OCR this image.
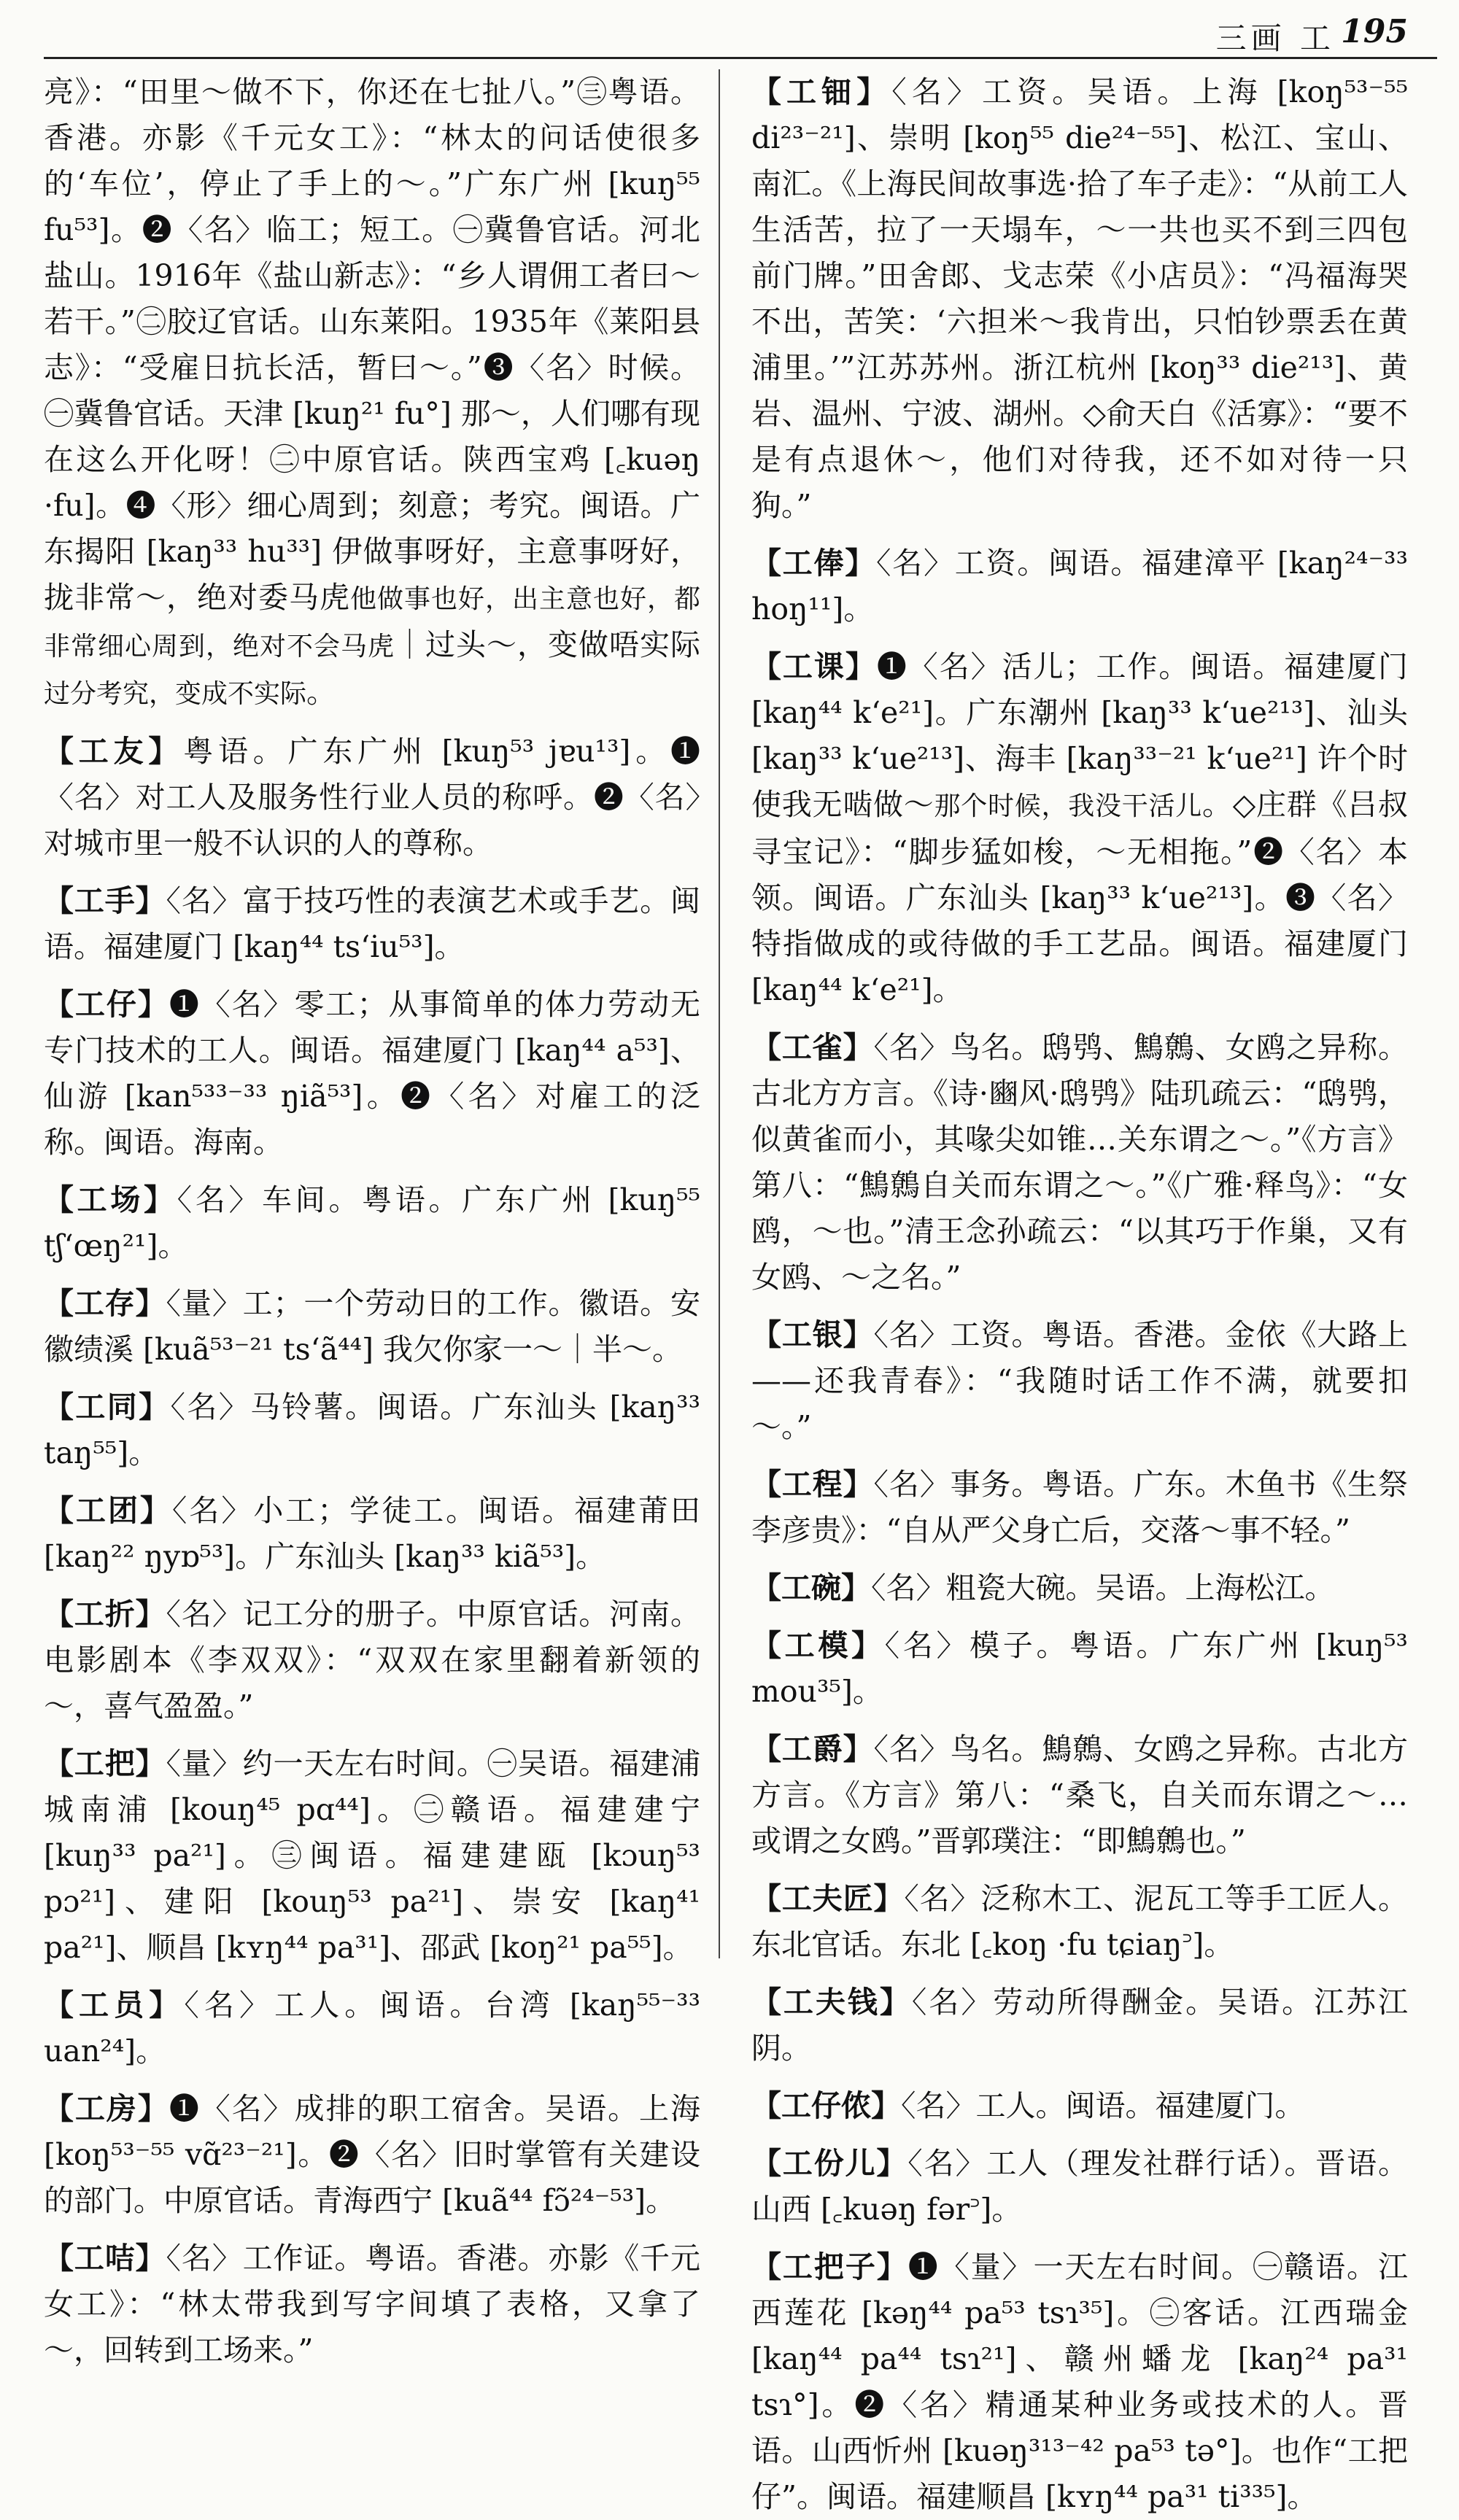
三画 工 195

亮》：“田里～做不下，你还在七扯八。”㊂粤语。香港。亦影《千元女工》：“林太的问话使很多的‘车位’，停止了手上的～。”广东广州 [kuŋ⁵⁵ fu⁵³]。❷〈名〉临工；短工。㊀冀鲁官话。河北盐山。1916年《盐山新志》：“乡人谓佣工者曰～若干。”㊁胶辽官话。山东莱阳。1935年《莱阳县志》：“受雇日抗长活，暂曰～。”❸〈名〉时候。㊀冀鲁官话。天津 [kuŋ²¹ fu°] 那～，人们哪有现在这么开化呀！㊁中原官话。陕西宝鸡 [꜀kuəŋ ·fu]。❹〈形〉细心周到；刻意；考究。闽语。广东揭阳 [kaŋ³³ hu³³] 伊做事呀好，主意事呀好，拢非常～，绝对委马虎他做事也好，出主意也好，都非常细心周到，绝对不会马虎｜过头～，变做唔实际过分考究，变成不实际。

【工友】粤语。广东广州 [kuŋ⁵³ jɐu¹³]。❶〈名〉对工人及服务性行业人员的称呼。❷〈名〉对城市里一般不认识的人的尊称。

【工手】〈名〉富于技巧性的表演艺术或手艺。闽语。福建厦门 [kaŋ⁴⁴ ts‘iu⁵³]。

【工仔】❶〈名〉零工；从事简单的体力劳动无专门技术的工人。闽语。福建厦门 [kaŋ⁴⁴ a⁵³]、仙游 [kan⁵³³⁻³³ ŋiã⁵³]。❷〈名〉对雇工的泛称。闽语。海南。

【工场】〈名〉车间。粤语。广东广州 [kuŋ⁵⁵ tʃ‘œŋ²¹]。

【工存】〈量〉工；一个劳动日的工作。徽语。安徽绩溪 [kuã⁵³⁻²¹ ts‘ã⁴⁴] 我欠你家一～｜半～。

【工同】〈名〉马铃薯。闽语。广东汕头 [kaŋ³³ taŋ⁵⁵]。

【工团】〈名〉小工；学徒工。闽语。福建莆田 [kaŋ²² ŋyɒ⁵³]。广东汕头 [kaŋ³³ kiã⁵³]。

【工折】〈名〉记工分的册子。中原官话。河南。电影剧本《李双双》：“双双在家里翻着新领的～，喜气盈盈。”

【工把】〈量〉约一天左右时间。㊀吴语。福建浦城南浦 [kouŋ⁴⁵ pɑ⁴⁴]。㊁赣语。福建建宁 [kuŋ³³ pa²¹]。㊂闽语。福建建瓯 [kɔuŋ⁵³ pɔ²¹]、建阳 [kouŋ⁵³ pa²¹]、崇安 [kaŋ⁴¹ pa²¹]、顺昌 [kʏŋ⁴⁴ pa³¹]、邵武 [koŋ²¹ pa⁵⁵]。

【工员】〈名〉工人。闽语。台湾 [kaŋ⁵⁵⁻³³ uan²⁴]。

【工房】❶〈名〉成排的职工宿舍。吴语。上海 [koŋ⁵³⁻⁵⁵ vɑ̃²³⁻²¹]。❷〈名〉旧时掌管有关建设的部门。中原官话。青海西宁 [kuã⁴⁴ fɔ̃²⁴⁻⁵³]。

【工咭】〈名〉工作证。粤语。香港。亦影《千元女工》：“林太带我到写字间填了表格，又拿了～，回转到工场来。”

【工钿】〈名〉工资。吴语。上海 [koŋ⁵³⁻⁵⁵ di²³⁻²¹]、崇明 [koŋ⁵⁵ die²⁴⁻⁵⁵]、松江、宝山、南汇。《上海民间故事选·拾了车子走》：“从前工人生活苦，拉了一天塌车，～一共也买不到三四包前门牌。”田舍郎、戈志荣《小店员》：“冯福海哭不出，苦笑：‘六担米～我肯出，只怕钞票丢在黄浦里。’”江苏苏州。浙江杭州 [koŋ³³ die²¹³]、黄岩、温州、宁波、湖州。◇俞天白《活寡》：“要不是有点退休～，他们对待我，还不如对待一只狗。”

【工俸】〈名〉工资。闽语。福建漳平 [kaŋ²⁴⁻³³ hoŋ¹¹]。

【工课】❶〈名〉活儿；工作。闽语。福建厦门 [kaŋ⁴⁴ k‘e²¹]。广东潮州 [kaŋ³³ k‘ue²¹³]、汕头 [kaŋ³³ k‘ue²¹³]、海丰 [kaŋ³³⁻²¹ k‘ue²¹] 许个时使我无啮做～那个时候，我没干活儿。◇庄群《吕叔寻宝记》：“脚步猛如梭，～无相拖。”❷〈名〉本领。闽语。广东汕头 [kaŋ³³ k‘ue²¹³]。❸〈名〉特指做成的或待做的手工艺品。闽语。福建厦门 [kaŋ⁴⁴ k‘e²¹]。

【工雀】〈名〉鸟名。鸱鸮、鷦鷯、女鸥之异称。古北方方言。《诗·豳风·鸱鸮》陆玑疏云：“鸱鸮，似黄雀而小，其喙尖如锥…关东谓之～。”《方言》第八：“鷦鷯自关而东谓之～。”《广雅·释鸟》：“女鸥，～也。”清王念孙疏云：“以其巧于作巢，又有女鸥、～之名。”

【工银】〈名〉工资。粤语。香港。金依《大路上——还我青春》：“我随时话工作不满，就要扣～。”

【工程】〈名〉事务。粤语。广东。木鱼书《生祭李彦贵》：“自从严父身亡后，交落～事不轻。”

【工碗】〈名〉粗瓷大碗。吴语。上海松江。

【工模】〈名〉模子。粤语。广东广州 [kuŋ⁵³ mou³⁵]。

【工爵】〈名〉鸟名。鷦鷯、女鸥之异称。古北方方言。《方言》第八：“桑飞，自关而东谓之～…或谓之女鸥。”晋郭璞注：“即鷦鷯也。”

【工夫匠】〈名〉泛称木工、泥瓦工等手工匠人。东北官话。东北 [꜀koŋ ·fu tɕiaŋ꜄]。

【工夫钱】〈名〉劳动所得酬金。吴语。江苏江阴。

【工仔侬】〈名〉工人。闽语。福建厦门。

【工份儿】〈名〉工人（理发社群行话）。晋语。山西 [꜀kuəŋ fər꜄]。

【工把子】❶〈量〉一天左右时间。㊀赣语。江西莲花 [kəŋ⁴⁴ pa⁵³ tsɿ³⁵]。㊁客话。江西瑞金 [kaŋ⁴⁴ pa⁴⁴ tsɿ²¹]、赣州蟠龙 [kaŋ²⁴ pa³¹ tsɿ°]。❷〈名〉精通某种业务或技术的人。晋语。山西忻州 [kuəŋ³¹³⁻⁴² pa⁵³ tə°]。也作“工把仔”。闽语。福建顺昌 [kʏŋ⁴⁴ pa³¹ ti³³⁵]。
